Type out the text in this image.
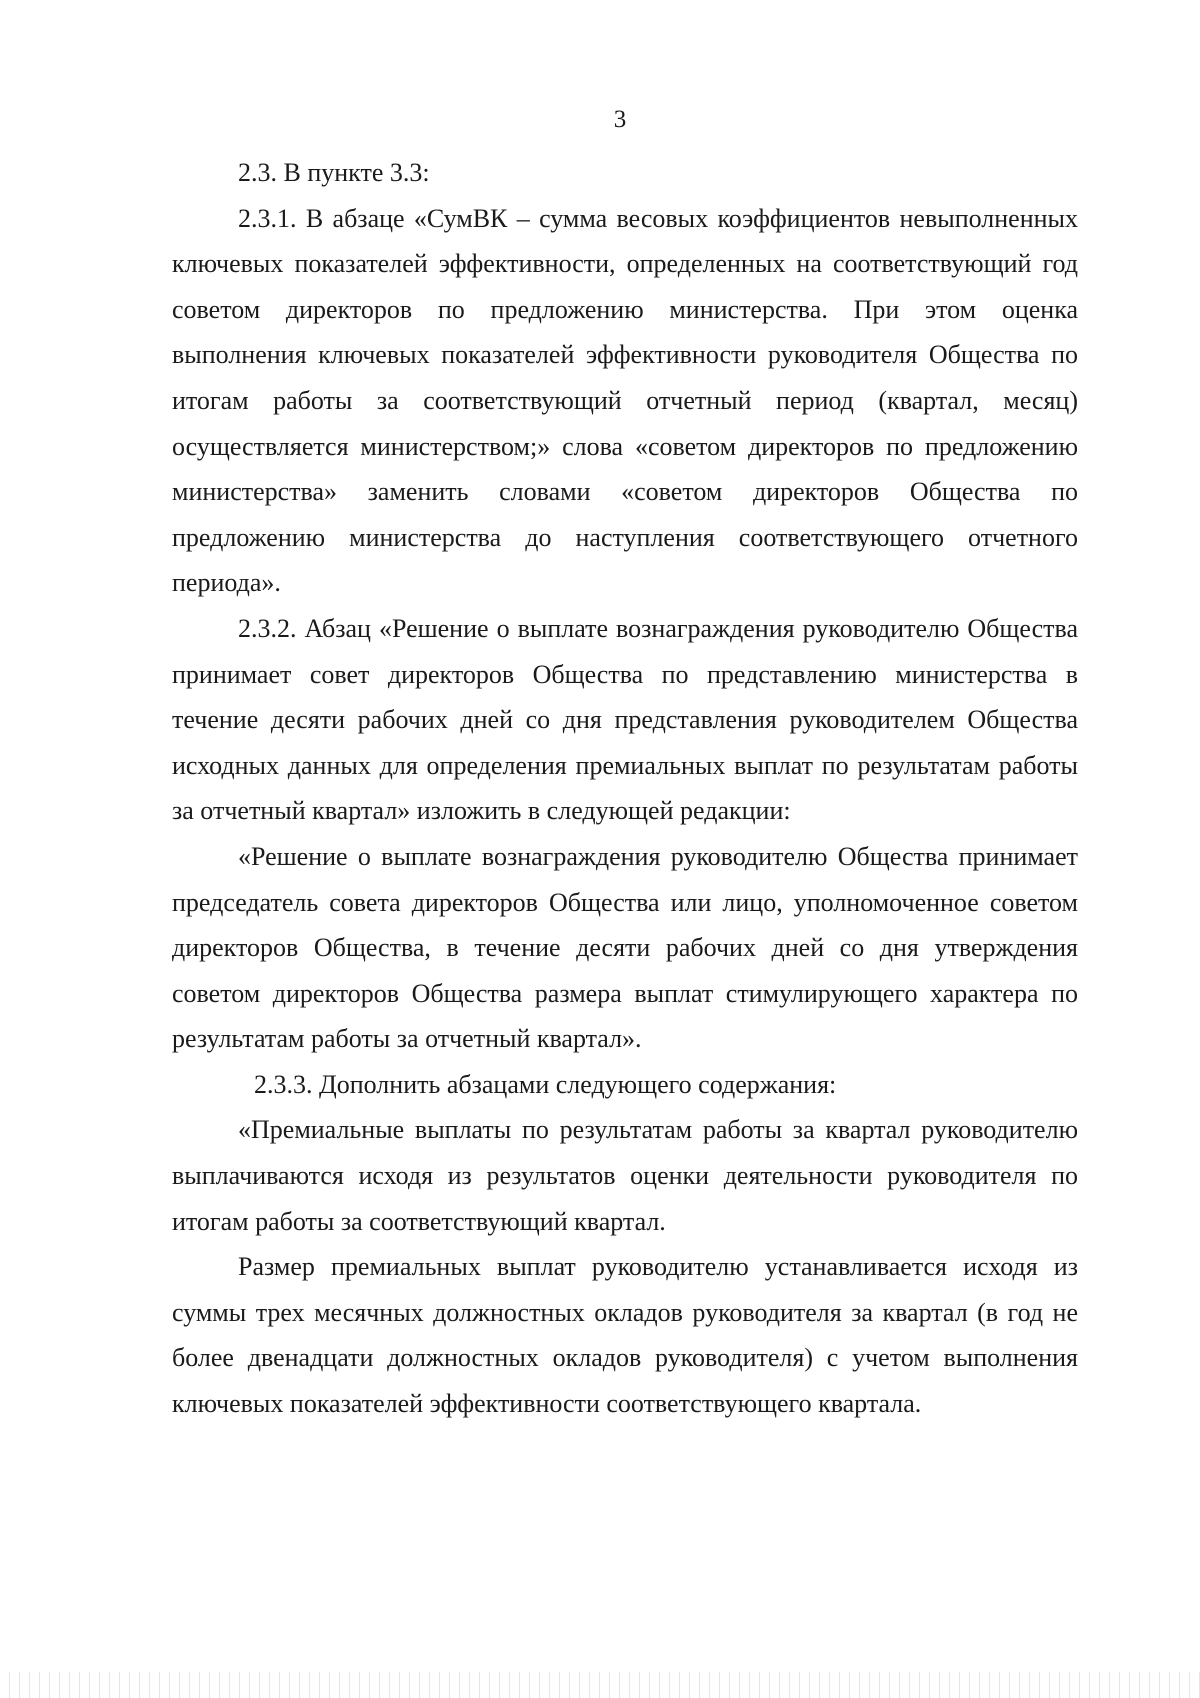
3

2.3. В пункте 3.3:

2.3.1. В абзаце «СумВК – сумма весовых коэффициентов невыполненных ключевых показателей эффективности, определенных на соответствующий год советом директоров по предложению министерства. При этом оценка выполнения ключевых показателей эффективности руководителя Общества по итогам работы за соответствующий отчетный период (квартал, месяц) осуществляется министерством;» слова «советом директоров по предложению министерства» заменить словами «советом директоров Общества по предложению министерства до наступления соответствующего отчетного периода».

2.3.2. Абзац «Решение о выплате вознаграждения руководителю Общества принимает совет директоров Общества по представлению министерства в течение десяти рабочих дней со дня представления руководителем Общества исходных данных для определения премиальных выплат по результатам работы за отчетный квартал» изложить в следующей редакции:

«Решение о выплате вознаграждения руководителю Общества принимает председатель совета директоров Общества или лицо, уполномоченное советом директоров Общества, в течение десяти рабочих дней со дня утверждения советом директоров Общества размера выплат стимулирующего характера по результатам работы за отчетный квартал».

2.3.3. Дополнить абзацами следующего содержания:

«Премиальные выплаты по результатам работы за квартал руководителю выплачиваются исходя из результатов оценки деятельности руководителя по итогам работы за соответствующий квартал.

Размер премиальных выплат руководителю устанавливается исходя из суммы трех месячных должностных окладов руководителя за квартал (в год не более двенадцати должностных окладов руководителя) с учетом выполнения ключевых показателей эффективности соответствующего квартала.
